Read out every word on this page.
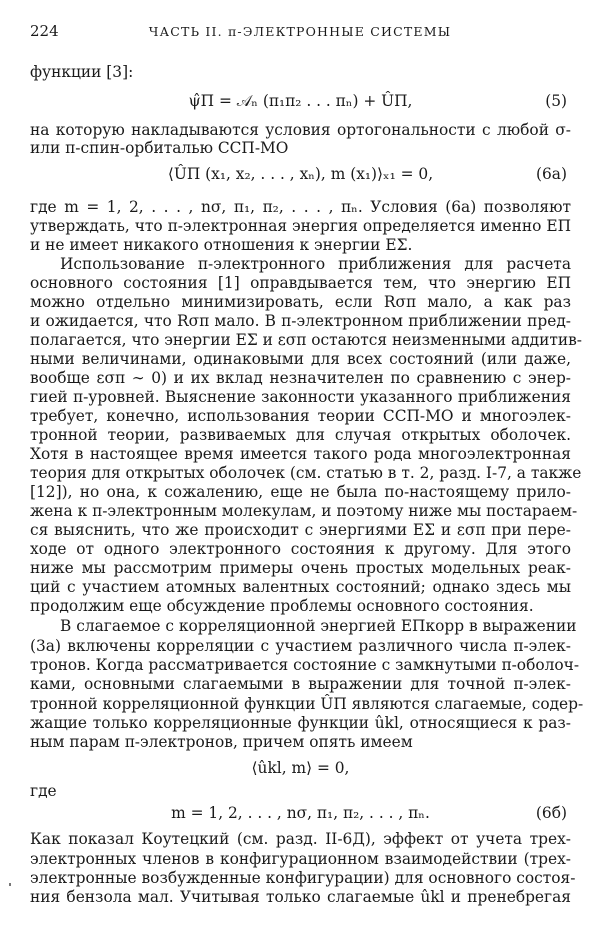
224	ЧАСТЬ II. π-ЭЛЕКТРОННЫЕ СИСТЕМЫ
функции [3]:
ψ̂П = 𝒜ₙ (π₁π₂ . . . πₙ) + ÛП,	(5)
на которую накладываются условия ортогональности с любой σ-
или π-спин-орбиталью ССП-МО
⟨ÛП (x₁, x₂, . . . , xₙ), m (x₁)⟩ₓ₁ = 0,	(6а)
где m = 1, 2, . . . , nσ, π₁, π₂, . . . , πₙ. Условия (6а) позволяют
утверждать, что π-электронная энергия определяется именно EП
и не имеет никакого отношения к энергии EΣ.
Использование π-электронного приближения для расчета
основного состояния [1] оправдывается тем, что энергию EП
можно отдельно минимизировать, если Rσπ мало, а как раз
и ожидается, что Rσπ мало. В π-электронном приближении пред-
полагается, что энергии EΣ и εσπ остаются неизменными аддитив-
ными величинами, одинаковыми для всех состояний (или даже,
вообще εσπ ∼ 0) и их вклад незначителен по сравнению с энер-
гией π-уровней. Выяснение законности указанного приближения
требует, конечно, использования теории ССП-МО и многоэлек-
тронной теории, развиваемых для случая открытых оболочек.
Хотя в настоящее время имеется такого рода многоэлектронная
теория для открытых оболочек (см. статью в т. 2, разд. I-7, а также
[12]), но она, к сожалению, еще не была по-настоящему прило-
жена к π-электронным молекулам, и поэтому ниже мы постараем-
ся выяснить, что же происходит с энергиями EΣ и εσπ при пере-
ходе от одного электронного состояния к другому. Для этого
ниже мы рассмотрим примеры очень простых модельных реак-
ций с участием атомных валентных состояний; однако здесь мы
продолжим еще обсуждение проблемы основного состояния.
В слагаемое с корреляционной энергией EПкорр в выражении
(3а) включены корреляции с участием различного числа π-элек-
тронов. Когда рассматривается состояние с замкнутыми π-оболоч-
ками, основными слагаемыми в выражении для точной π-элек-
тронной корреляционной функции ÛП являются слагаемые, содер-
жащие только корреляционные функции ûkl, относящиеся к раз-
ным парам π-электронов, причем опять имеем
⟨ûkl, m⟩ = 0,
где
m = 1, 2, . . . , nσ, π₁, π₂, . . . , πₙ.	(6б)
Как показал Коутецкий (см. разд. II-6Д), эффект от учета трех-
электронных членов в конфигурационном взаимодействии (трех-
электронные возбужденные конфигурации) для основного состоя-
ния бензола мал. Учитывая только слагаемые ûkl и пренебрегая
